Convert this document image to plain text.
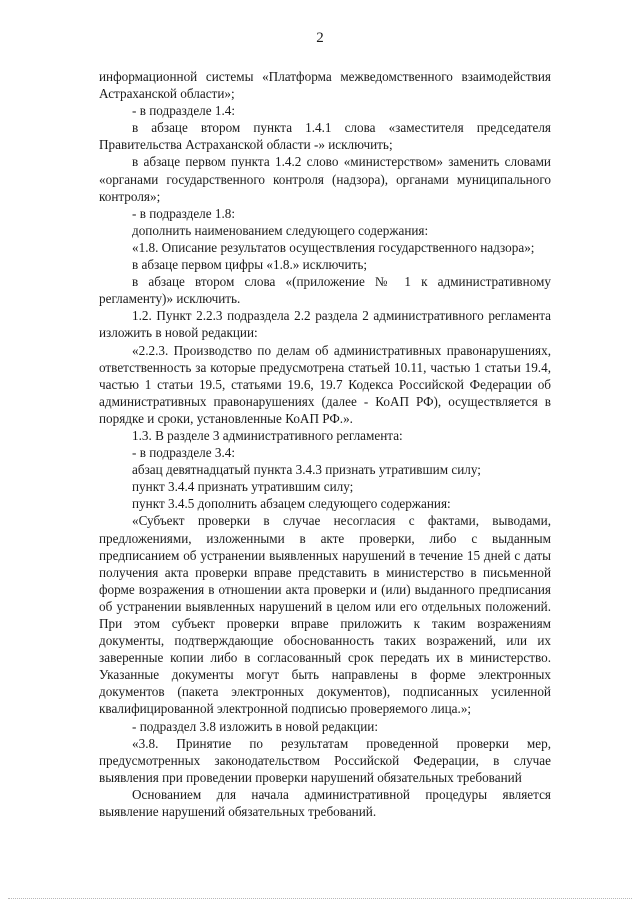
2

информационной системы «Платформа межведомственного взаимодействия Астраханской области»;

- в подразделе 1.4:

в абзаце втором пункта 1.4.1 слова «заместителя председателя Правительства Астраханской области -» исключить;

в абзаце первом пункта 1.4.2 слово «министерством» заменить словами «органами государственного контроля (надзора), органами муниципального контроля»;

- в подразделе 1.8:

дополнить наименованием следующего содержания:

«1.8. Описание результатов осуществления государственного надзора»;

в абзаце первом цифры «1.8.» исключить;

в абзаце втором слова «(приложение № 1 к административному регламенту)» исключить.

1.2. Пункт 2.2.3 подраздела 2.2 раздела 2 административного регламента изложить в новой редакции:

«2.2.3. Производство по делам об административных правонарушениях, ответственность за которые предусмотрена статьей 10.11, частью 1 статьи 19.4, частью 1 статьи 19.5, статьями 19.6, 19.7 Кодекса Российской Федерации об административных правонарушениях (далее - КоАП РФ), осуществляется в порядке и сроки, установленные КоАП РФ.».

1.3. В разделе 3 административного регламента:

- в подразделе 3.4:

абзац девятнадцатый пункта 3.4.3 признать утратившим силу;

пункт 3.4.4 признать утратившим силу;

пункт 3.4.5 дополнить абзацем следующего содержания:

«Субъект проверки в случае несогласия с фактами, выводами, предложениями, изложенными в акте проверки, либо с выданным предписанием об устранении выявленных нарушений в течение 15 дней с даты получения акта проверки вправе представить в министерство в письменной форме возражения в отношении акта проверки и (или) выданного предписания об устранении выявленных нарушений в целом или его отдельных положений. При этом субъект проверки вправе приложить к таким возражениям документы, подтверждающие обоснованность таких возражений, или их заверенные копии либо в согласованный срок передать их в министерство. Указанные документы могут быть направлены в форме электронных документов (пакета электронных документов), подписанных усиленной квалифицированной электронной подписью проверяемого лица.»;

- подраздел 3.8 изложить в новой редакции:

«3.8. Принятие по результатам проведенной проверки мер, предусмотренных законодательством Российской Федерации, в случае выявления при проведении проверки нарушений обязательных требований

Основанием для начала административной процедуры является выявление нарушений обязательных требований.
